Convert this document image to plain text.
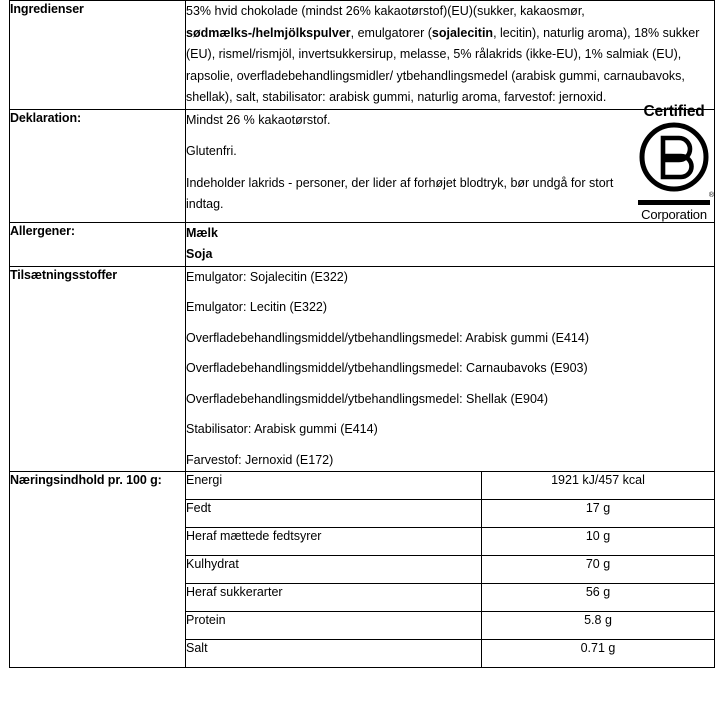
Ingredienser	53% hvid chokolade (mindst 26% kakaotørstof)(EU)(sukker, kakaosmør, sødmælks-/helmjölkspulver, emulgatorer (sojalecitin, lecitin), naturlig aroma), 18% sukker (EU), rismel/rismjöl, invertsukkersirup, melasse, 5% rålakrids (ikke-EU), 1% salmiak (EU), rapsolie, overfladebehandlingsmidler/ ytbehandlingsmedel (arabisk gummi, carnaubavoks, shellak), salt, stabilisator: arabisk gummi, naturlig aroma, farvestof: jernoxid.

Deklaration:	Mindst 26 % kakaotørstof.
Glutenfri.
Indeholder lakrids - personer, der lider af forhøjet blodtryk, bør undgå for stort indtag.
Certified
®
Corporation

Allergener:	Mælk
Soja

Tilsætningsstoffer	Emulgator: Sojalecitin (E322)
Emulgator: Lecitin (E322)
Overfladebehandlingsmiddel/ytbehandlingsmedel: Arabisk gummi (E414)
Overfladebehandlingsmiddel/ytbehandlingsmedel: Carnaubavoks (E903)
Overfladebehandlingsmiddel/ytbehandlingsmedel: Shellak (E904)
Stabilisator: Arabisk gummi (E414)
Farvestof: Jernoxid (E172)

Næringsindhold pr. 100 g:	Energi	1921 kJ/457 kcal
Fedt	17 g
Heraf mættede fedtsyrer	10 g
Kulhydrat	70 g
Heraf sukkerarter	56 g
Protein	5.8 g
Salt	0.71 g
